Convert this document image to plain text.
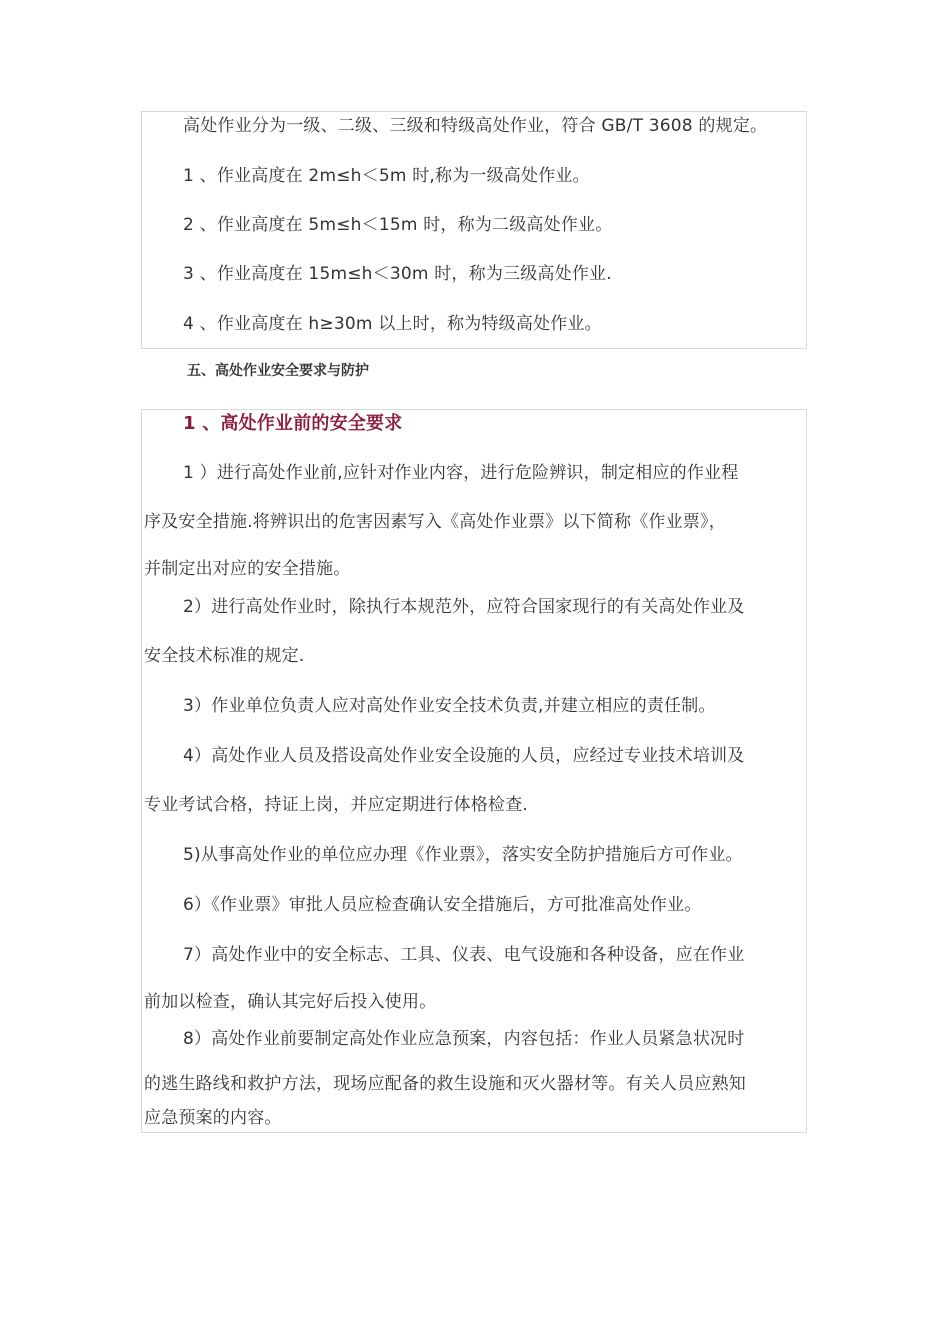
高处作业分为一级、二级、三级和特级高处作业，符合 GB/T 3608 的规定。
1 、作业高度在 2m≤h＜5m 时,称为一级高处作业。
2 、作业高度在 5m≤h＜15m 时，称为二级高处作业。
3 、作业高度在 15m≤h＜30m 时，称为三级高处作业.
4 、作业高度在 h≥30m 以上时，称为特级高处作业。
五、高处作业安全要求与防护
1 、高处作业前的安全要求
1 ）进行高处作业前,应针对作业内容，进行危险辨识，制定相应的作业程
序及安全措施.将辨识出的危害因素写入《高处作业票》以下简称《作业票》，
并制定出对应的安全措施。
2）进行高处作业时，除执行本规范外，应符合国家现行的有关高处作业及
安全技术标准的规定.
3）作业单位负责人应对高处作业安全技术负责,并建立相应的责任制。
4）高处作业人员及搭设高处作业安全设施的人员，应经过专业技术培训及
专业考试合格，持证上岗，并应定期进行体格检查.
5)从事高处作业的单位应办理《作业票》，落实安全防护措施后方可作业。
6）《作业票》审批人员应检查确认安全措施后，方可批准高处作业。
7）高处作业中的安全标志、工具、仪表、电气设施和各种设备，应在作业
前加以检查，确认其完好后投入使用。
8）高处作业前要制定高处作业应急预案，内容包括：作业人员紧急状况时
的逃生路线和救护方法，现场应配备的救生设施和灭火器材等。有关人员应熟知
应急预案的内容。
